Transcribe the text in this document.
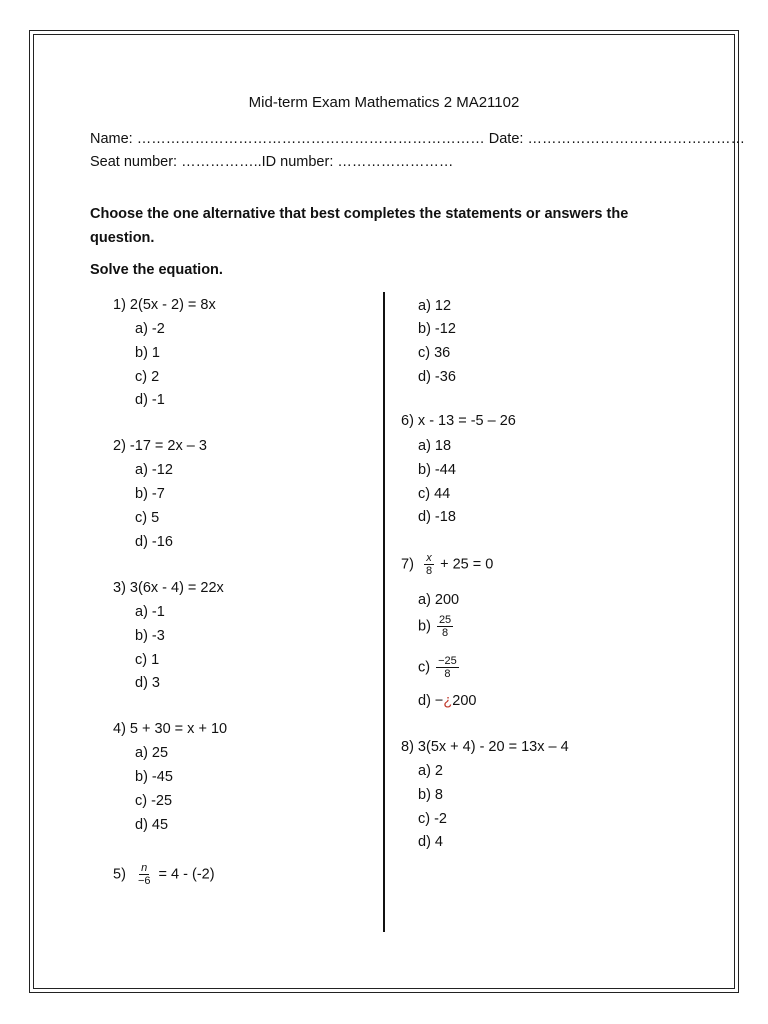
Mid-term Exam Mathematics 2 MA21102
Name: ……………………………………………………………… Date: ………………………………………
Seat number: ……………..ID number: ……………………
Choose the one alternative that best completes the statements or answers the question.
Solve the equation.
1) 2(5x - 2) = 8x
a) -2
b) 1
c) 2
d) -1
2) -17 = 2x – 3
a) -12
b) -7
c) 5
d) -16
3) 3(6x - 4) = 22x
a) -1
b) -3
c) 1
d) 3
4) 5 + 30 = x + 10
a) 25
b) -45
c) -25
d) 45
$5) \frac{n}{-6} = 4 - (-2)$
a) 12
b) -12
c) 36
d) -36
6) x - 13 = -5 – 26
a) 18
b) -44
c) 44
d) -18
$7) \frac{x}{8} + 25 = 0$
a) 200
$b) \frac{25}{8}$
$c) \frac{-25}{8}$
d) −¿200
8) 3(5x + 4) - 20 = 13x – 4
a) 2
b) 8
c) -2
d) 4
